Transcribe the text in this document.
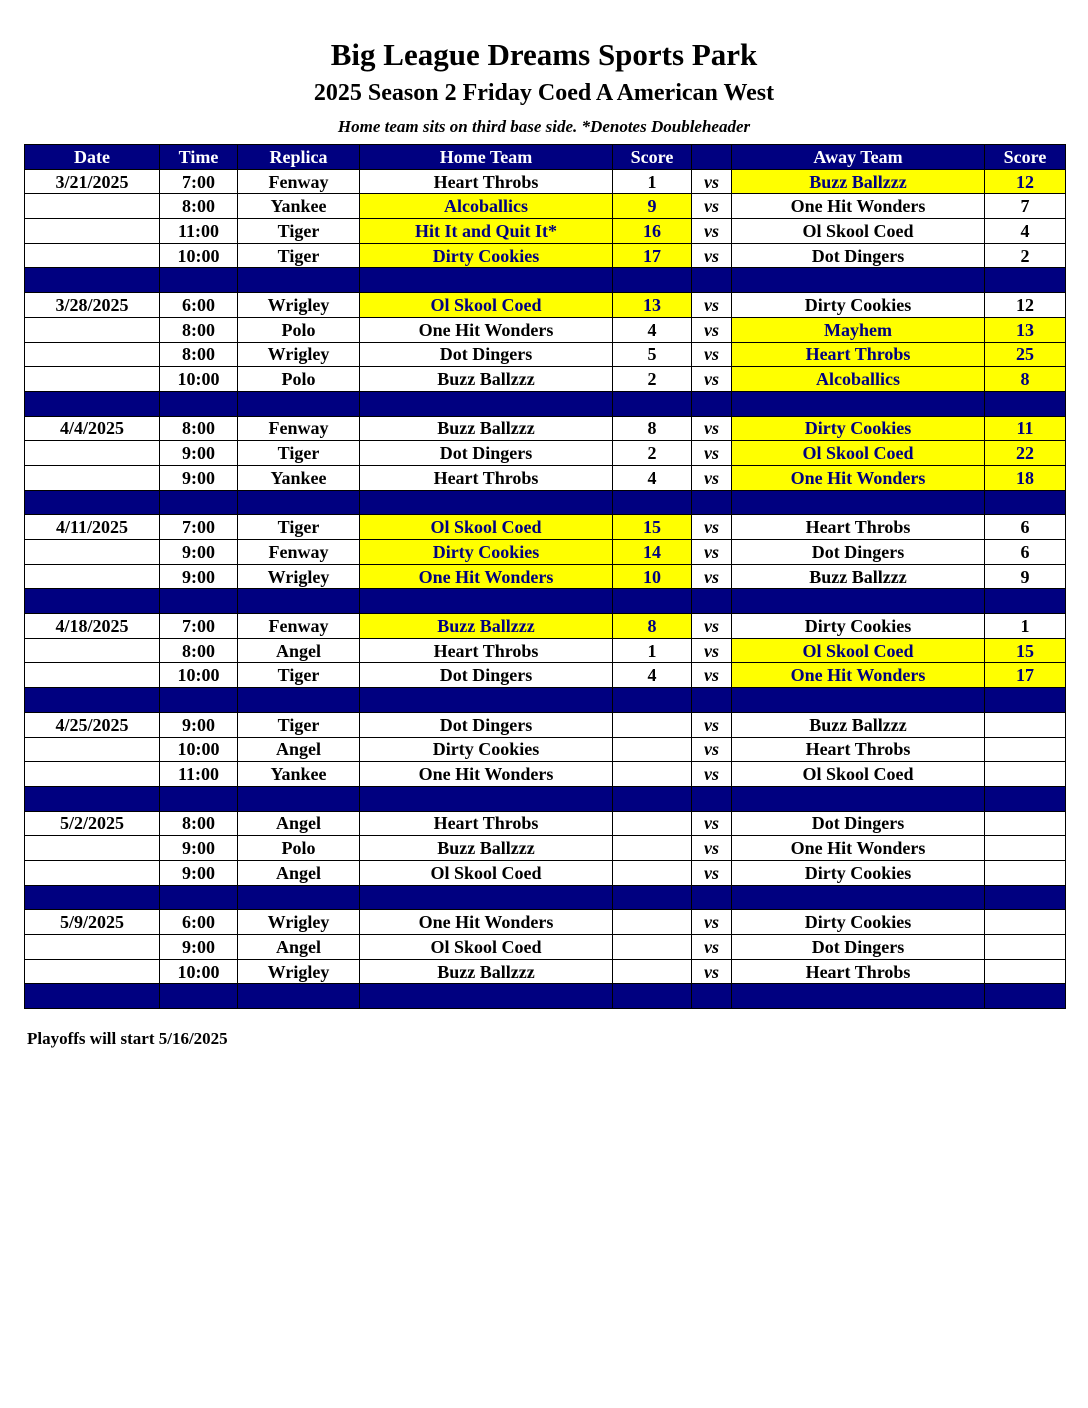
Big League Dreams Sports Park
2025 Season 2 Friday Coed A American West
Home team sits on third base side. *Denotes Doubleheader
Date	Time	Replica	Home Team	Score		Away Team	Score
3/21/2025	7:00	Fenway	Heart Throbs	1	vs	Buzz Ballzzz	12
	8:00	Yankee	Alcoballics	9	vs	One Hit Wonders	7
	11:00	Tiger	Hit It and Quit It*	16	vs	Ol Skool Coed	4
	10:00	Tiger	Dirty Cookies	17	vs	Dot Dingers	2

3/28/2025	6:00	Wrigley	Ol Skool Coed	13	vs	Dirty Cookies	12
	8:00	Polo	One Hit Wonders	4	vs	Mayhem	13
	8:00	Wrigley	Dot Dingers	5	vs	Heart Throbs	25
	10:00	Polo	Buzz Ballzzz	2	vs	Alcoballics	8

4/4/2025	8:00	Fenway	Buzz Ballzzz	8	vs	Dirty Cookies	11
	9:00	Tiger	Dot Dingers	2	vs	Ol Skool Coed	22
	9:00	Yankee	Heart Throbs	4	vs	One Hit Wonders	18

4/11/2025	7:00	Tiger	Ol Skool Coed	15	vs	Heart Throbs	6
	9:00	Fenway	Dirty Cookies	14	vs	Dot Dingers	6
	9:00	Wrigley	One Hit Wonders	10	vs	Buzz Ballzzz	9

4/18/2025	7:00	Fenway	Buzz Ballzzz	8	vs	Dirty Cookies	1
	8:00	Angel	Heart Throbs	1	vs	Ol Skool Coed	15
	10:00	Tiger	Dot Dingers	4	vs	One Hit Wonders	17

4/25/2025	9:00	Tiger	Dot Dingers		vs	Buzz Ballzzz	
	10:00	Angel	Dirty Cookies		vs	Heart Throbs	
	11:00	Yankee	One Hit Wonders		vs	Ol Skool Coed	

5/2/2025	8:00	Angel	Heart Throbs		vs	Dot Dingers	
	9:00	Polo	Buzz Ballzzz		vs	One Hit Wonders	
	9:00	Angel	Ol Skool Coed		vs	Dirty Cookies	

5/9/2025	6:00	Wrigley	One Hit Wonders		vs	Dirty Cookies	
	9:00	Angel	Ol Skool Coed		vs	Dot Dingers	
	10:00	Wrigley	Buzz Ballzzz		vs	Heart Throbs	

Playoffs will start 5/16/2025
